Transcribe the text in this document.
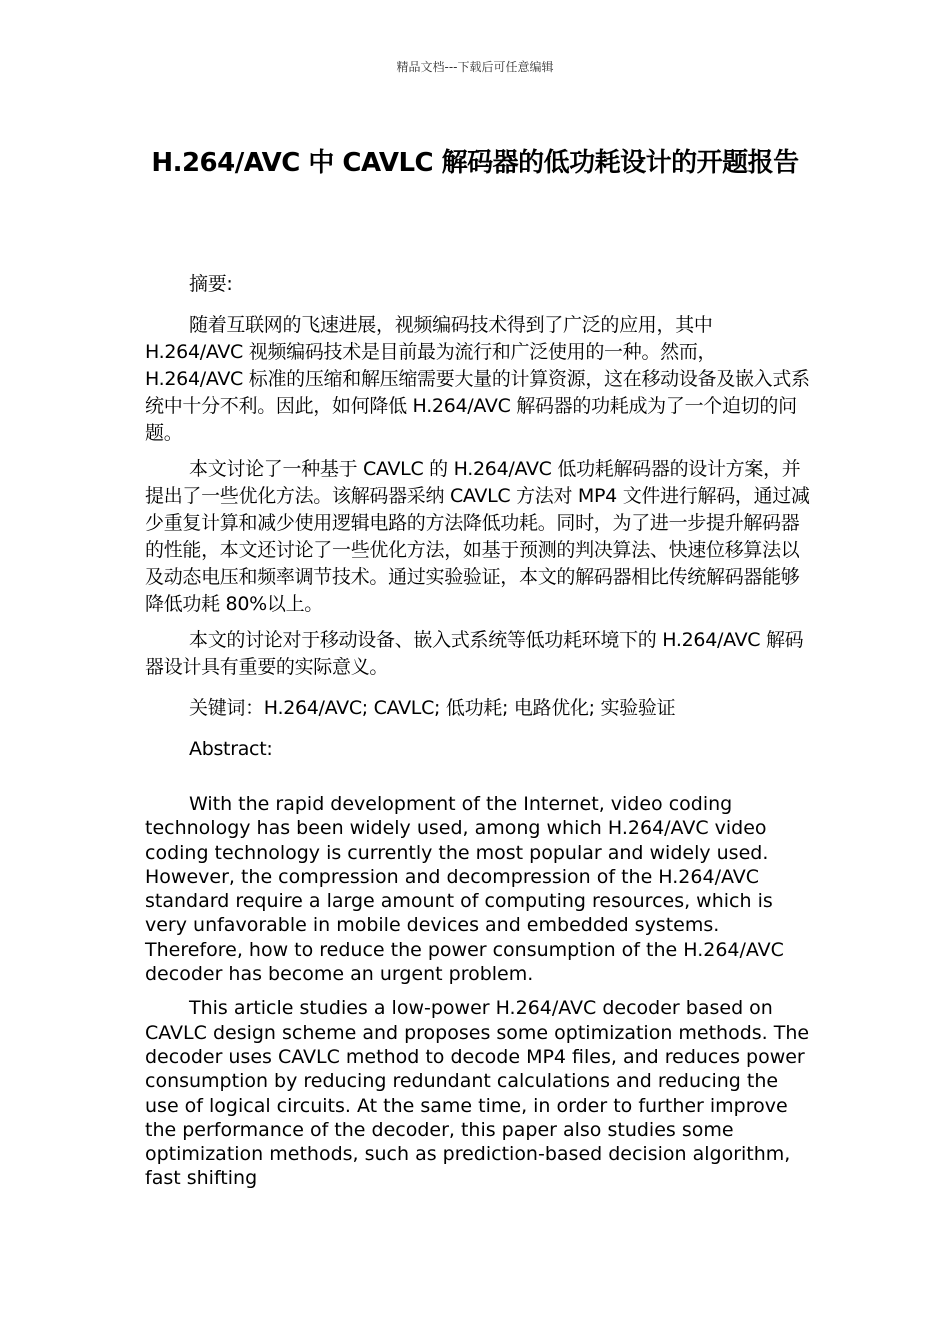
精品文档---下载后可任意编辑
H.264/AVC 中 CAVLC 解码器的低功耗设计的开题报告

摘要:

随着互联网的飞速进展，视频编码技术得到了广泛的应用，其中 H.264/AVC 视频编码技术是目前最为流行和广泛使用的一种。然而，H.264/AVC 标准的压缩和解压缩需要大量的计算资源，这在移动设备及嵌入式系统中十分不利。因此，如何降低 H.264/AVC 解码器的功耗成为了一个迫切的问题。

本文讨论了一种基于 CAVLC 的 H.264/AVC 低功耗解码器的设计方案，并提出了一些优化方法。该解码器采纳 CAVLC 方法对 MP4 文件进行解码，通过减少重复计算和减少使用逻辑电路的方法降低功耗。同时，为了进一步提升解码器的性能，本文还讨论了一些优化方法，如基于预测的判决算法、快速位移算法以及动态电压和频率调节技术。通过实验验证，本文的解码器相比传统解码器能够降低功耗 80%以上。

本文的讨论对于移动设备、嵌入式系统等低功耗环境下的 H.264/AVC 解码器设计具有重要的实际意义。

关键词：H.264/AVC; CAVLC; 低功耗; 电路优化; 实验验证

Abstract:

With the rapid development of the Internet, video coding technology has been widely used, among which H.264/AVC video coding technology is currently the most popular and widely used. However, the compression and decompression of the H.264/AVC standard require a large amount of computing resources, which is very unfavorable in mobile devices and embedded systems. Therefore, how to reduce the power consumption of the H.264/AVC decoder has become an urgent problem.

This article studies a low-power H.264/AVC decoder based on CAVLC design scheme and proposes some optimization methods. The decoder uses CAVLC method to decode MP4 files, and reduces power consumption by reducing redundant calculations and reducing the use of logical circuits. At the same time, in order to further improve the performance of the decoder, this paper also studies some optimization methods, such as prediction-based decision algorithm, fast shifting
